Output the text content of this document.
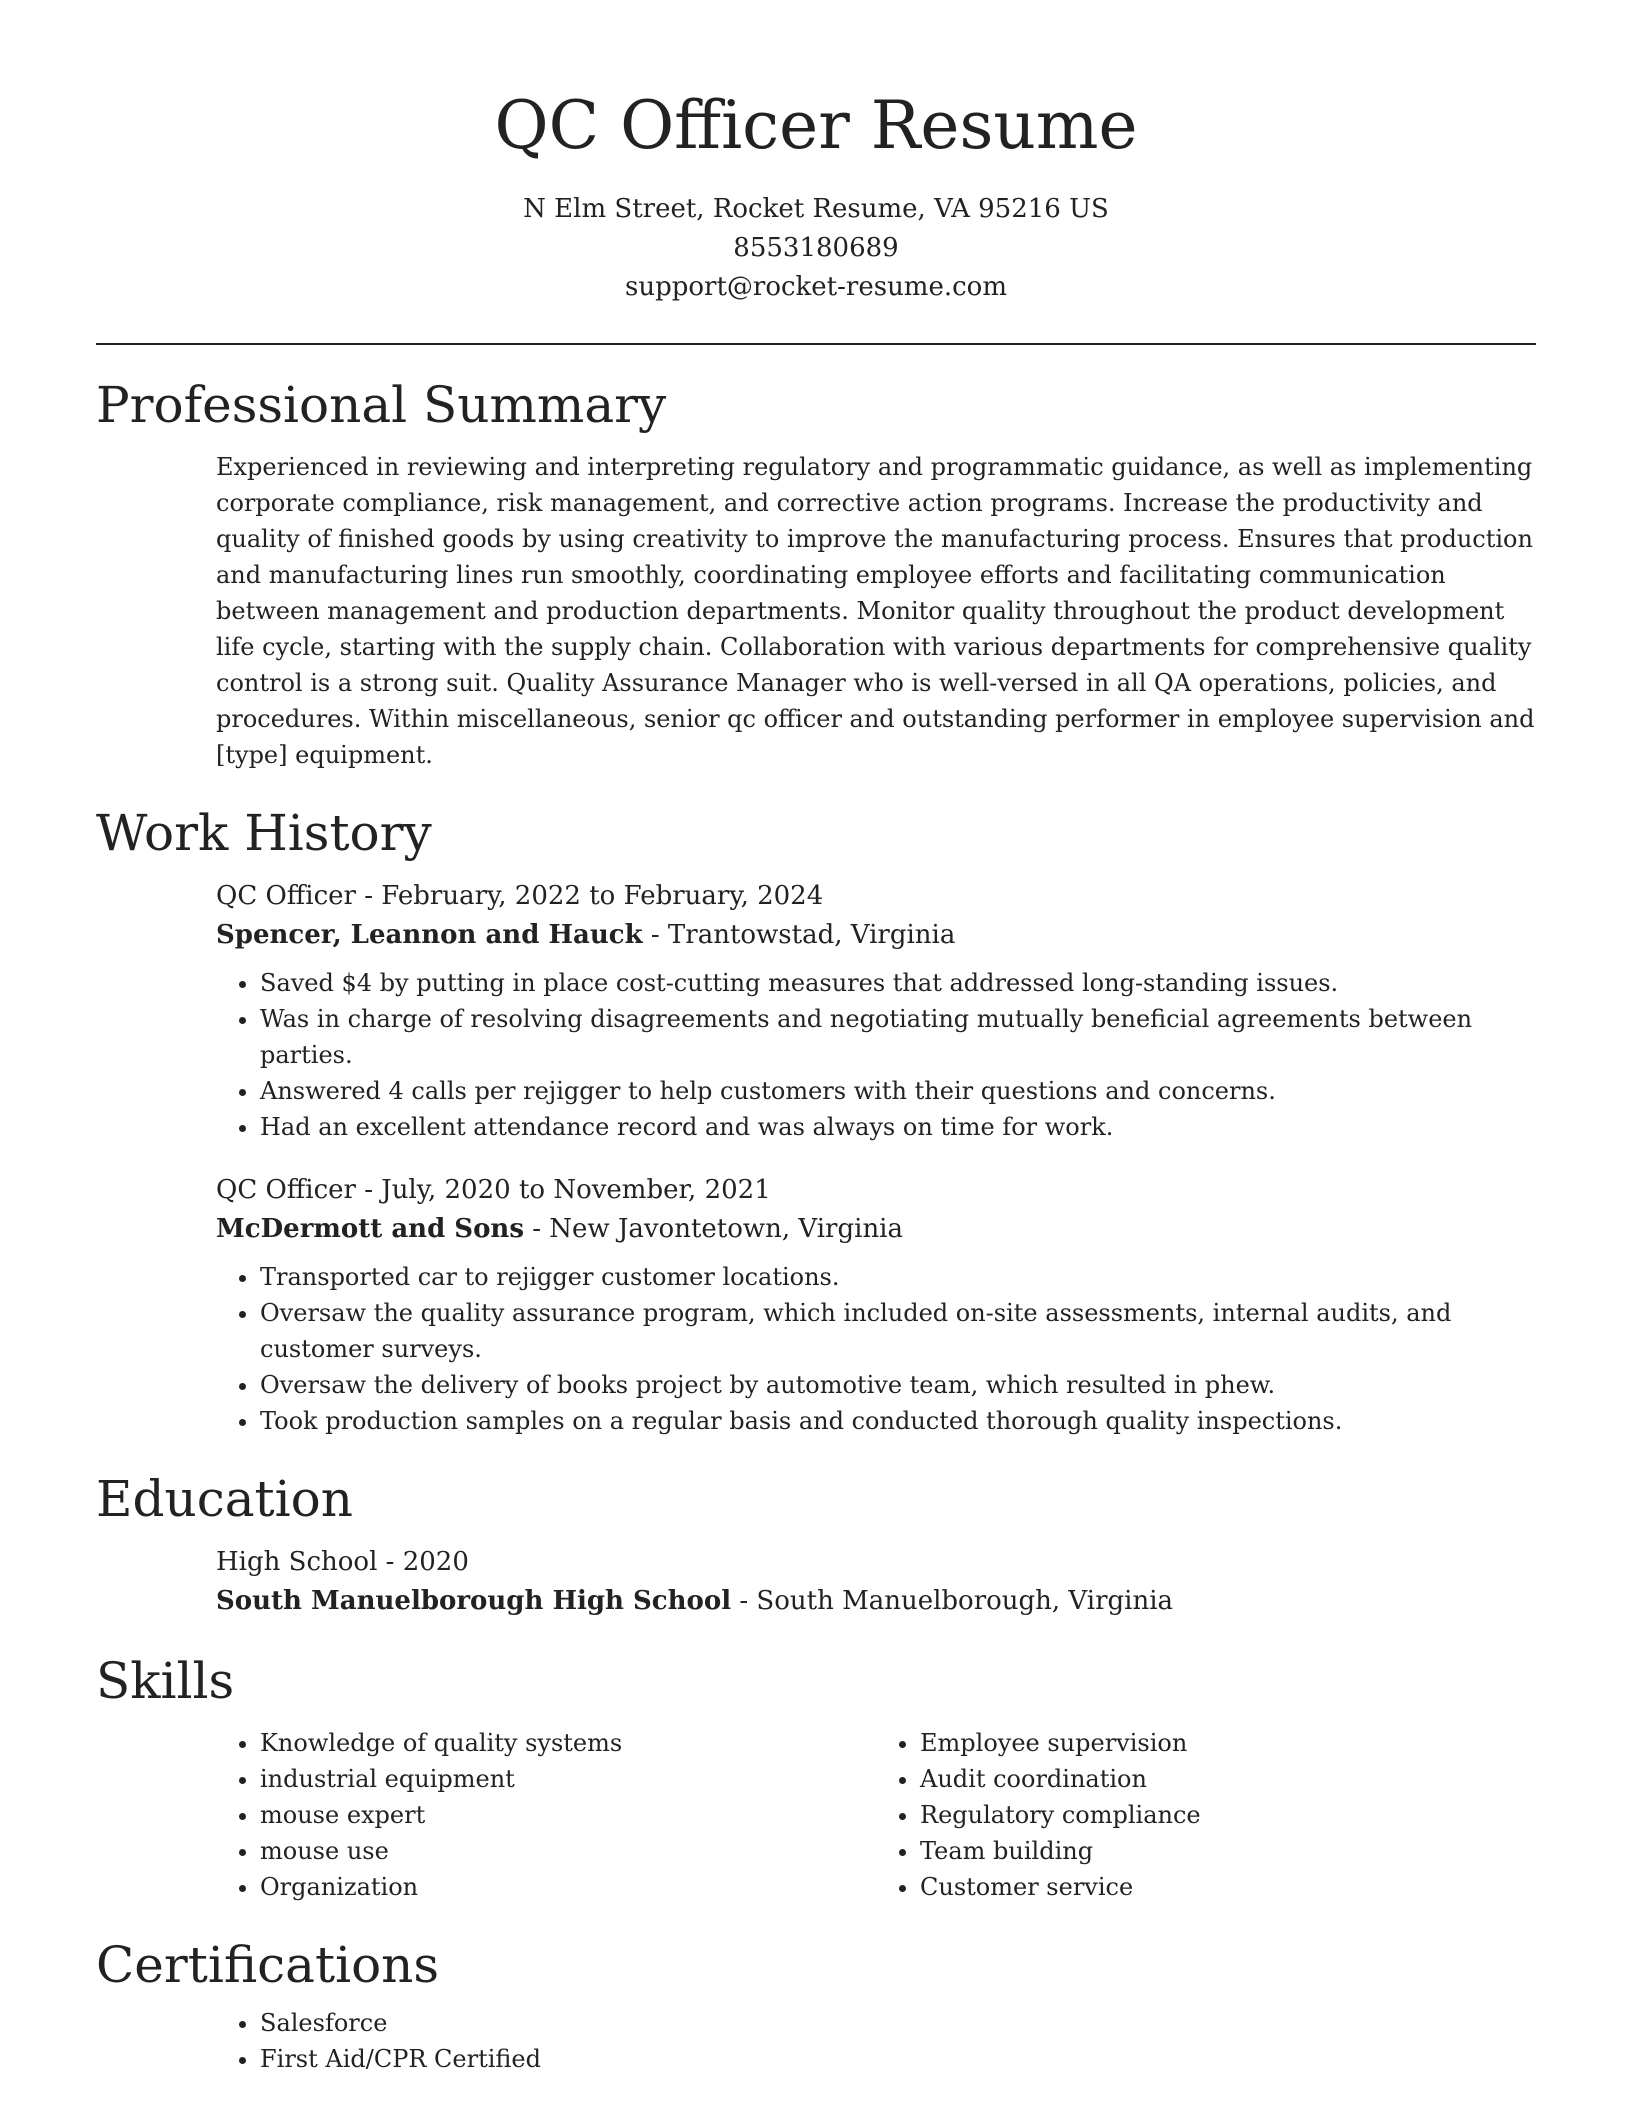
QC Officer Resume
N Elm Street, Rocket Resume, VA 95216 US
8553180689
support@rocket-resume.com
Professional Summary
Experienced in reviewing and interpreting regulatory and programmatic guidance, as well as implementing corporate compliance, risk management, and corrective action programs. Increase the productivity and quality of finished goods by using creativity to improve the manufacturing process. Ensures that production and manufacturing lines run smoothly, coordinating employee efforts and facilitating communication between management and production departments. Monitor quality throughout the product development life cycle, starting with the supply chain. Collaboration with various departments for comprehensive quality control is a strong suit. Quality Assurance Manager who is well-versed in all QA operations, policies, and procedures. Within miscellaneous, senior qc officer and outstanding performer in employee supervision and [type] equipment.
Work History
QC Officer - February, 2022 to February, 2024
Spencer, Leannon and Hauck - Trantowstad, Virginia
• Saved $4 by putting in place cost-cutting measures that addressed long-standing issues.
• Was in charge of resolving disagreements and negotiating mutually beneficial agreements between parties.
• Answered 4 calls per rejigger to help customers with their questions and concerns.
• Had an excellent attendance record and was always on time for work.
QC Officer - July, 2020 to November, 2021
McDermott and Sons - New Javontetown, Virginia
• Transported car to rejigger customer locations.
• Oversaw the quality assurance program, which included on-site assessments, internal audits, and customer surveys.
• Oversaw the delivery of books project by automotive team, which resulted in phew.
• Took production samples on a regular basis and conducted thorough quality inspections.
Education
High School - 2020
South Manuelborough High School - South Manuelborough, Virginia
Skills
• Knowledge of quality systems
• industrial equipment
• mouse expert
• mouse use
• Organization
• Employee supervision
• Audit coordination
• Regulatory compliance
• Team building
• Customer service
Certifications
• Salesforce
• First Aid/CPR Certified
